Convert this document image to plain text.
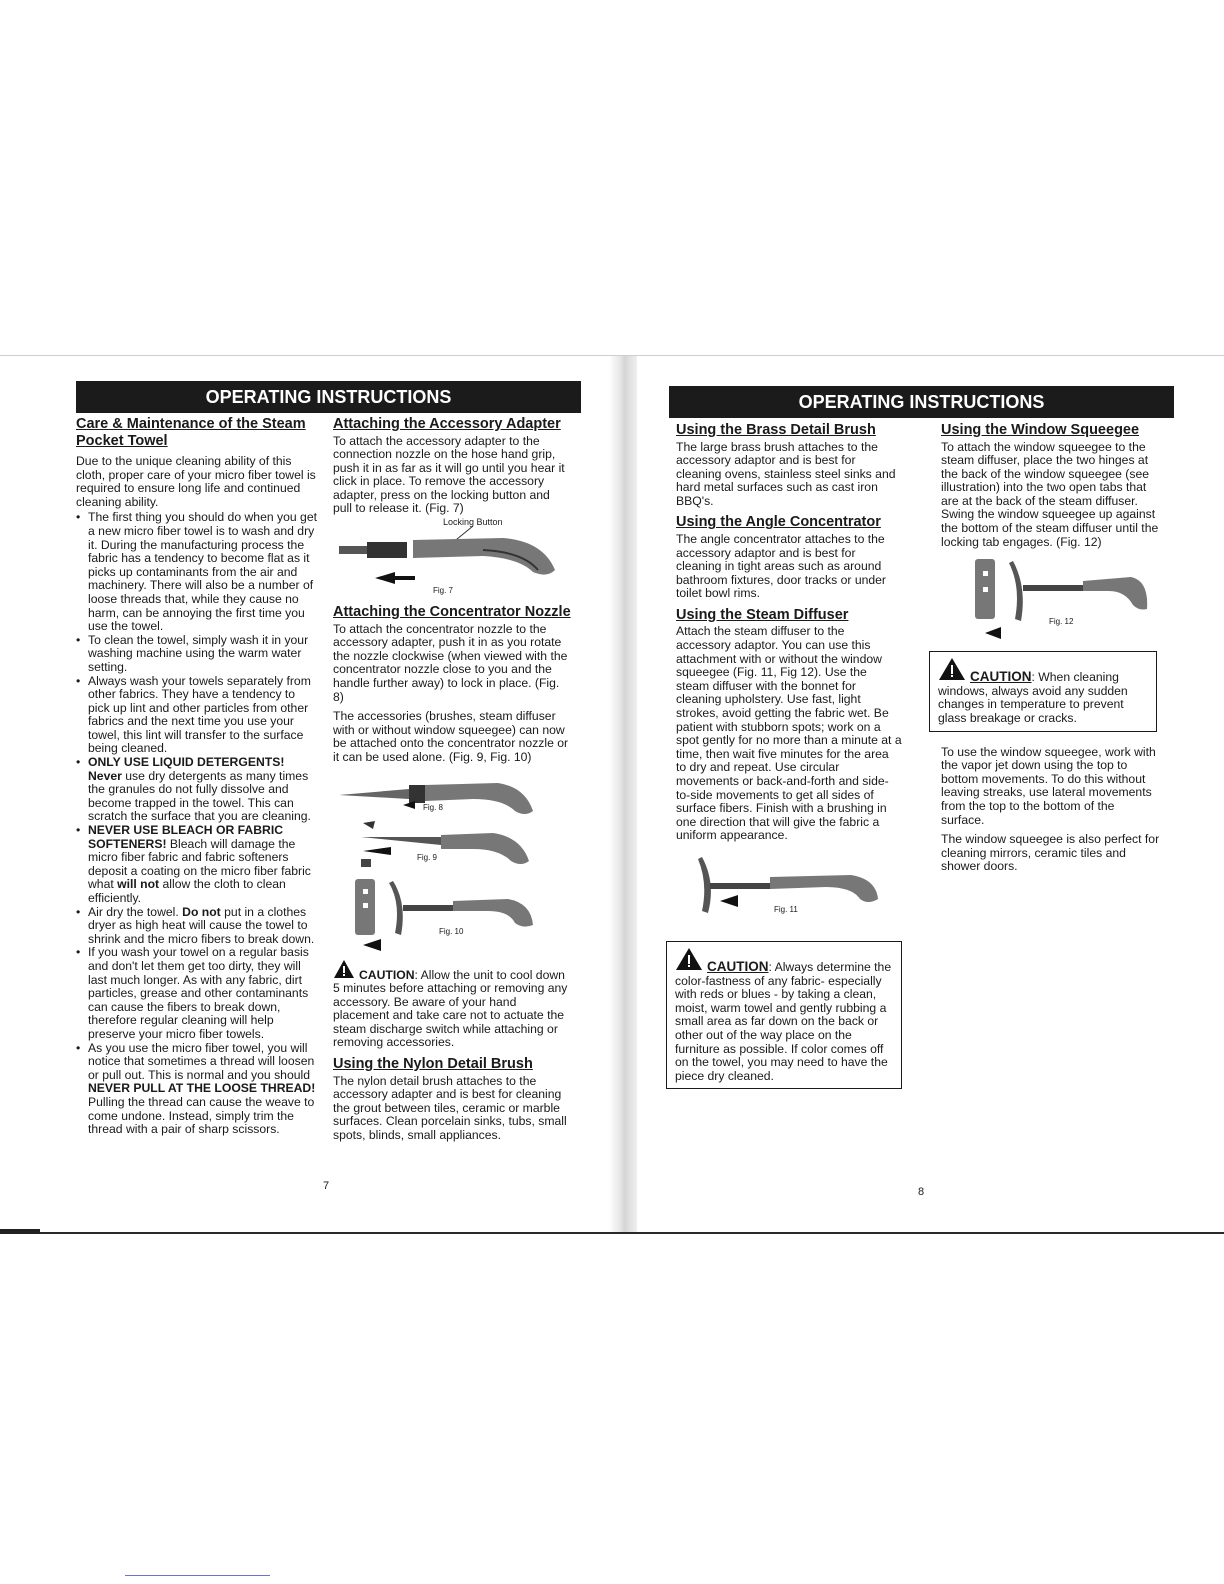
OPERATING INSTRUCTIONS
Care & Maintenance of the Steam Pocket Towel

Due to the unique cleaning ability of this cloth, proper care of your micro fiber towel is required to ensure long life and continued cleaning ability.

• The first thing you should do when you get a new micro fiber towel is to wash and dry it. During the manufacturing process the fabric has a tendency to become flat as it picks up contaminants from the air and machinery. There will also be a number of loose threads that, while they cause no harm, can be annoying the first time you use the towel.
• To clean the towel, simply wash it in your washing machine using the warm water setting.
• Always wash your towels separately from other fabrics. They have a tendency to pick up lint and other particles from other fabrics and the next time you use your towel, this lint will transfer to the surface being cleaned.
• ONLY USE LIQUID DETERGENTS!
Never use dry detergents as many times the granules do not fully dissolve and become trapped in the towel. This can scratch the surface that you are cleaning.
• NEVER USE BLEACH OR FABRIC SOFTENERS! Bleach will damage the micro fiber fabric and fabric softeners deposit a coating on the micro fiber fabric what will not allow the cloth to clean efficiently.
• Air dry the towel. Do not put in a clothes dryer as high heat will cause the towel to shrink and the micro fibers to break down.
• If you wash your towel on a regular basis and don't let them get too dirty, they will last much longer. As with any fabric, dirt particles, grease and other contaminants can cause the fibers to break down, therefore regular cleaning will help preserve your micro fiber towels.
• As you use the micro fiber towel, you will notice that sometimes a thread will loosen or pull out. This is normal and you should NEVER PULL AT THE LOOSE THREAD! Pulling the thread can cause the weave to come undone. Instead, simply trim the thread with a pair of sharp scissors.
Attaching the Accessory Adapter

To attach the accessory adapter to the connection nozzle on the hose hand grip, push it in as far as it will go until you hear it click in place. To remove the accessory adapter, press on the locking button and pull to release it. (Fig. 7)

Locking Button
Fig. 7
Attaching the Concentrator Nozzle

To attach the concentrator nozzle to the accessory adapter, push it in as you rotate the nozzle clockwise (when viewed with the concentrator nozzle close to you and the handle further away) to lock in place. (Fig. 8)

The accessories (brushes, steam diffuser with or without window squeegee) can now be attached onto the concentrator nozzle or it can be used alone. (Fig. 9, Fig. 10)

Fig. 8
Fig. 9
Fig. 10

CAUTION: Allow the unit to cool down 5 minutes before attaching or removing any accessory. Be aware of your hand placement and take care not to actuate the steam discharge switch while attaching or removing accessories.

Using the Nylon Detail Brush

The nylon detail brush attaches to the accessory adapter and is best for cleaning the grout between tiles, ceramic or marble surfaces. Clean porcelain sinks, tubs, small spots, blinds, small appliances.

7
OPERATING INSTRUCTIONS
Using the Brass Detail Brush

The large brass brush attaches to the accessory adaptor and is best for cleaning ovens, stainless steel sinks and hard metal surfaces such as cast iron BBQ's.

Using the Angle Concentrator

The angle concentrator attaches to the accessory adaptor and is best for cleaning in tight areas such as around bathroom fixtures, door tracks or under toilet bowl rims.

Using the Steam Diffuser

Attach the steam diffuser to the accessory adaptor. You can use this attachment with or without the window squeegee (Fig. 11, Fig 12). Use the steam diffuser with the bonnet for cleaning upholstery. Use fast, light strokes, avoid getting the fabric wet. Be patient with stubborn spots; work on a spot gently for no more than a minute at a time, then wait five minutes for the area to dry and repeat. Use circular movements or back-and-forth and side-to-side movements to get all sides of surface fibers. Finish with a brushing in one direction that will give the fabric a uniform appearance.

Fig. 11
CAUTION: Always determine the color-fastness of any fabric- especially with reds or blues - by taking a clean, moist, warm towel and gently rubbing a small area as far down on the back or other out of the way place on the furniture as possible. If color comes off on the towel, you may need to have the piece dry cleaned.
Using the Window Squeegee

To attach the window squeegee to the steam diffuser, place the two hinges at the back of the window squeegee (see illustration) into the two open tabs that are at the back of the steam diffuser. Swing the window squeegee up against the bottom of the steam diffuser until the locking tab engages. (Fig. 12)

Fig. 12
CAUTION: When cleaning windows, always avoid any sudden changes in temperature to prevent glass breakage or cracks.

To use the window squeegee, work with the vapor jet down using the top to bottom movements. To do this without leaving streaks, use lateral movements from the top to the bottom of the surface.

The window squeegee is also perfect for cleaning mirrors, ceramic tiles and shower doors.

8
